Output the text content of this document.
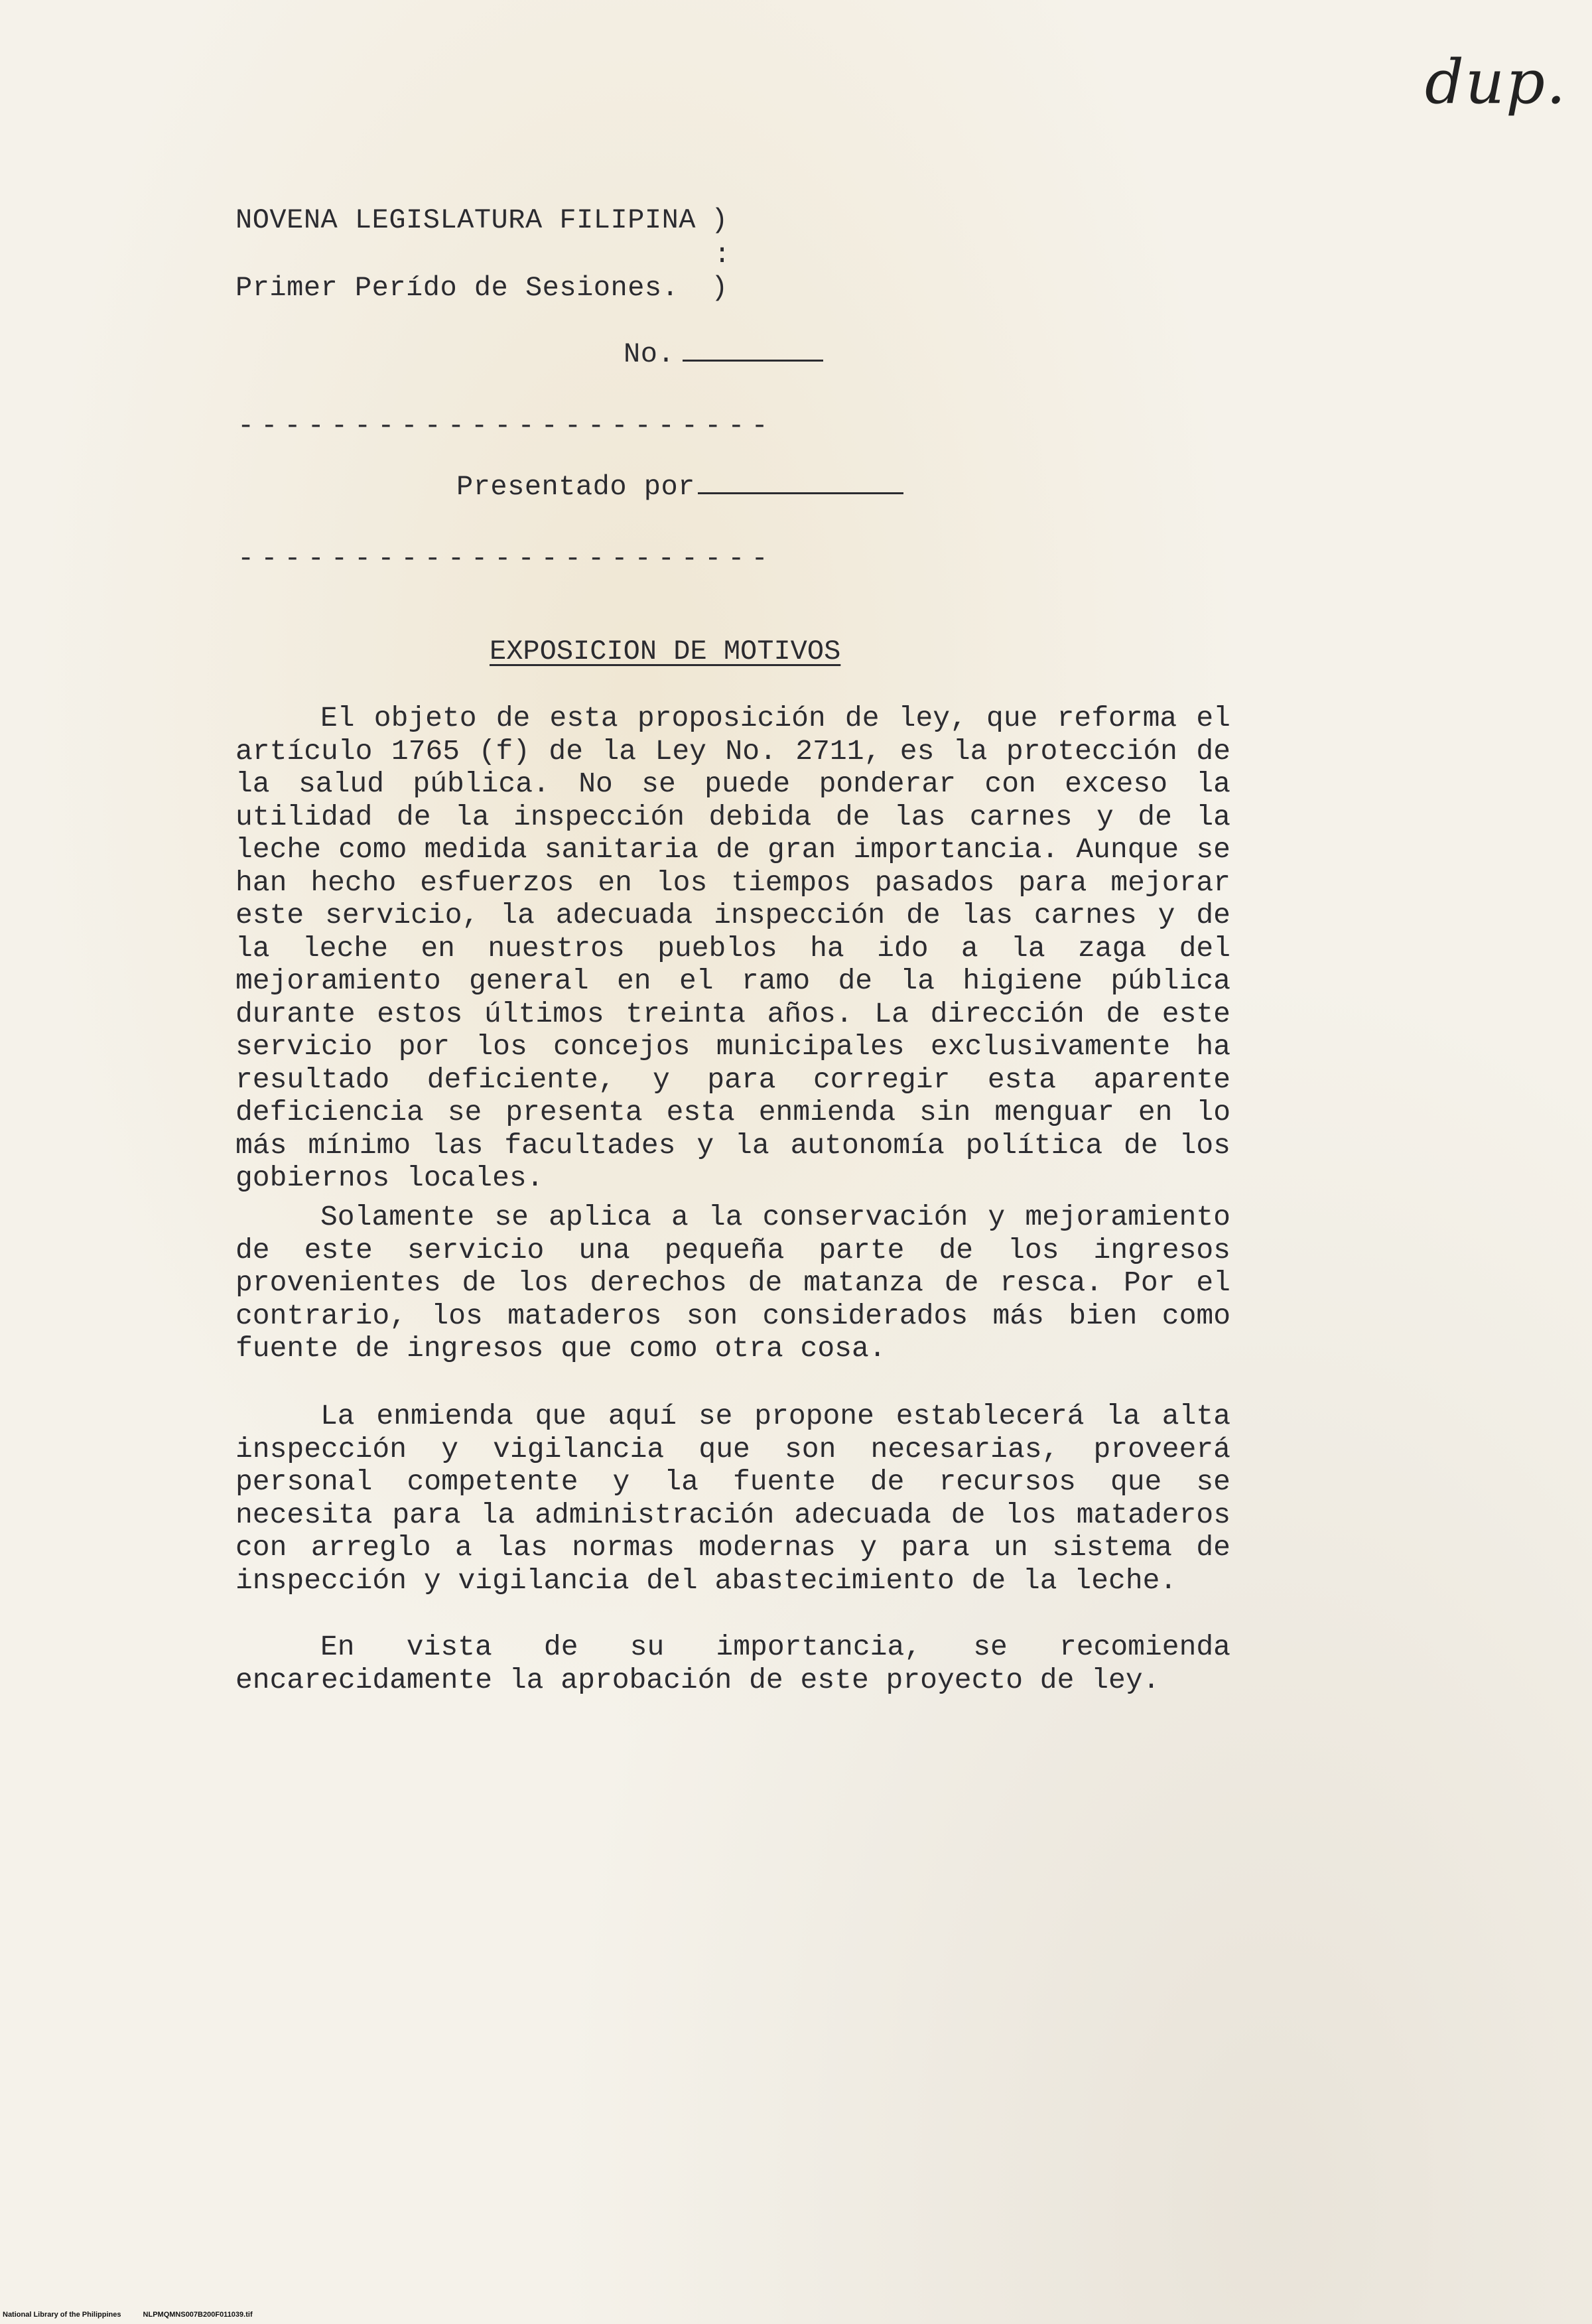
dup.
NOVENA LEGISLATURA FILIPINA )
:
Primer Perído de Sesiones. )
No.
-----------------------
Presentado por
-----------------------
EXPOSICION DE MOTIVOS

El objeto de esta proposición de ley, que reforma el artículo 1765 (f) de la Ley No. 2711, es la protección de la salud pública. No se puede ponderar con exceso la utilidad de la inspección debida de las carnes y de la leche como medida sanitaria de gran importancia. Aunque se han hecho esfuerzos en los tiempos pasados para mejorar este servicio, la adecuada inspección de las carnes y de la leche en nuestros pueblos ha ido a la zaga del mejoramiento general en el ramo de la higiene pública durante estos últimos treinta años. La dirección de este servicio por los concejos municipales exclusivamente ha resultado deficiente, y para corregir esta aparente deficiencia se presenta esta enmienda sin menguar en lo más mínimo las facultades y la autonomía política de los gobiernos locales.

Solamente se aplica a la conservación y mejoramiento de este servicio una pequeña parte de los ingresos provenientes de los derechos de matanza de resca. Por el contrario, los mataderos son considerados más bien como fuente de ingresos que como otra cosa.

La enmienda que aquí se propone establecerá la alta inspección y vigilancia que son necesarias, proveerá personal competente y la fuente de recursos que se necesita para la administración adecuada de los mataderos con arreglo a las normas modernas y para un sistema de inspección y vigilancia del abastecimiento de la leche.

En vista de su importancia, se recomienda encarecidamente la aprobación de este proyecto de ley.

National Library of the Philippines	NLPMQMNS007B200F011039.tif
